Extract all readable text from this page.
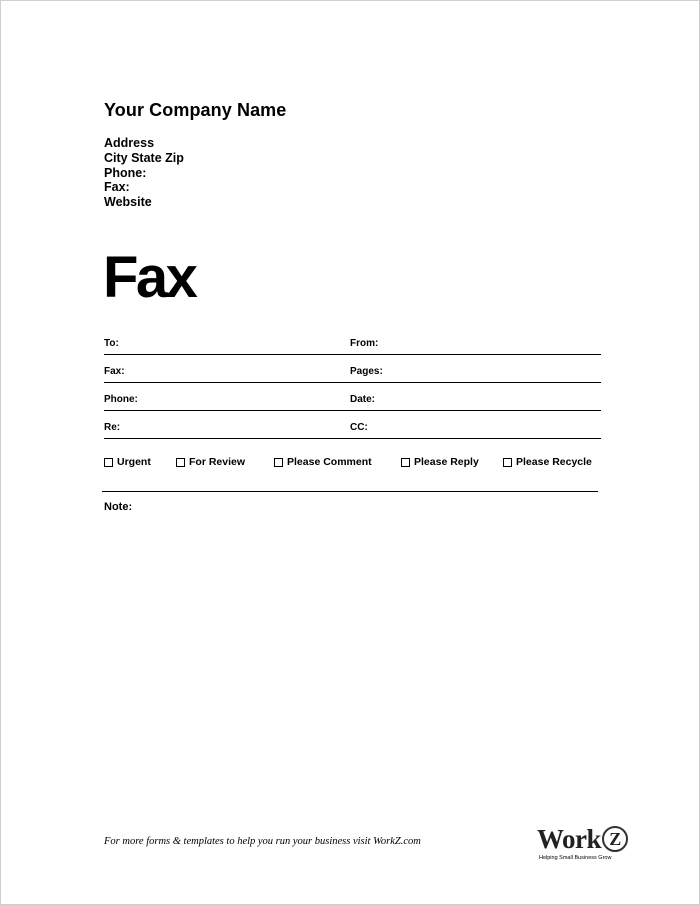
Your Company Name
Address
City State Zip
Phone:
Fax:
Website
Fax
To:	From:
Fax:	Pages:
Phone:	Date:
Re:	CC:
Urgent	For Review	Please Comment	Please Reply	Please Recycle
Note:
For more forms & templates to help you run your business visit WorkZ.com	Work Z
Helping Small Business Grow
